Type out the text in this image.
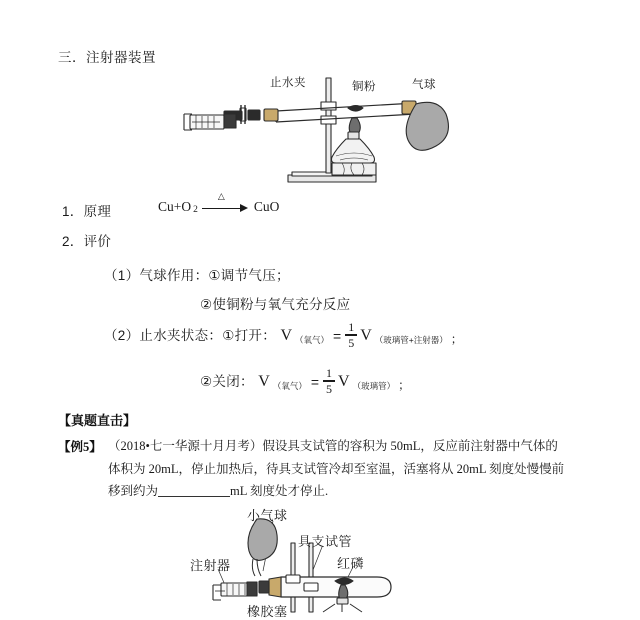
三．注射器装置
止水夹	铜粉	气球
1．原理	Cu+O 2
△
CuO
2．评价
（1）气球作用：①调节气压；
②使铜粉与氧气充分反应
（2）止水夹状态：①打开： V （氧气） = $\frac{1}{5}$ V （玻璃管+注射器） ；
②关闭： V （氧气） = $\frac{1}{5}$ V （玻璃管） ；
【真题直击】
【例5】 （2018•七一华源十月月考）假设具支试管的容积为 50mL，反应前注射器中气体的

体积为 20mL，停止加热后，待具支试管冷却至室温，活塞将从 20mL 刻度处慢慢前

移到约为	mL 刻度处才停止.

小气球
具支试管
注射器	红磷
橡胶塞
